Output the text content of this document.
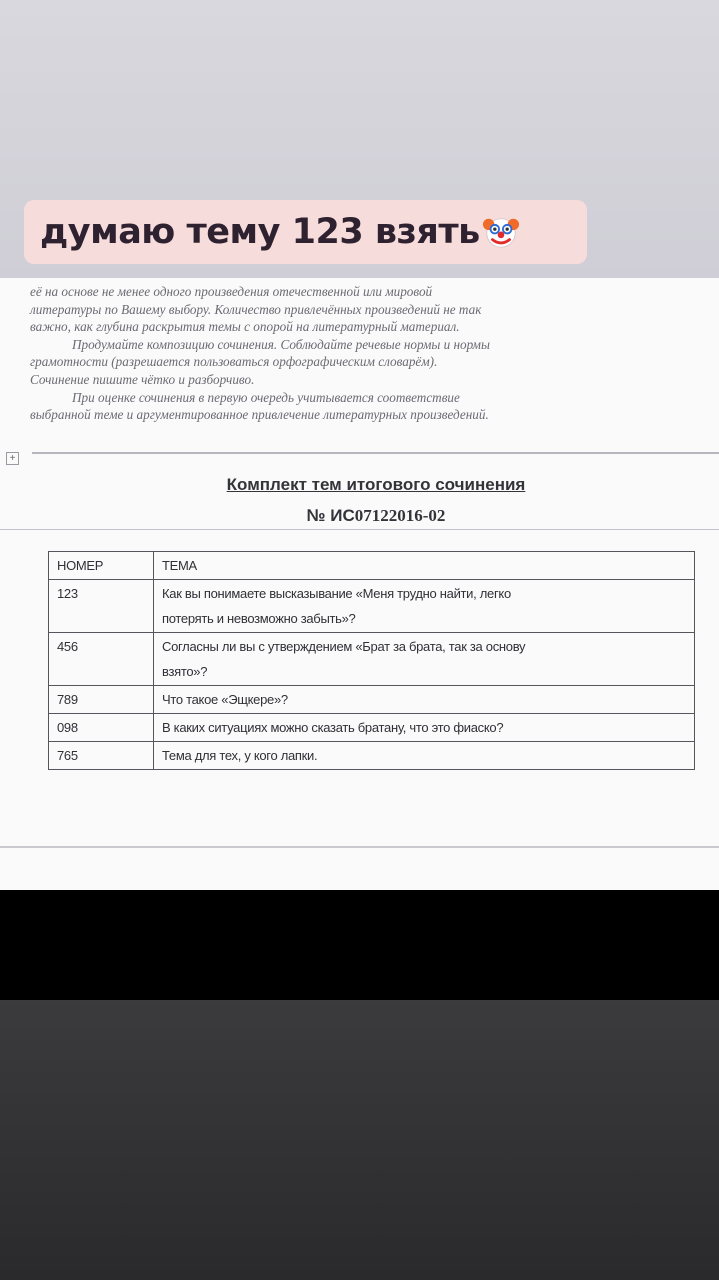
думаю тему 123 взять

её на основе не менее одного произведения отечественной или мировой

литературы по Вашему выбору. Количество привлечённых произведений не так

важно, как глубина раскрытия темы с опорой на литературный материал.

Продумайте композицию сочинения. Соблюдайте речевые нормы и нормы

грамотности (разрешается пользоваться орфографическим словарём).

Сочинение пишите чётко и разборчиво.

При оценке сочинения в первую очередь учитывается соответствие

выбранной теме и аргументированное привлечение литературных произведений.

+
Комплект тем итогового сочинения
№ ИС07122016-02
НОМЕР	ТЕМА
123	Как вы понимаете высказывание «Меня трудно найти, легко
потерять и невозможно забыть»?

456	Согласны ли вы с утверждением «Брат за брата, так за основу
взято»?

789	Что такое «Эщкере»?
098	В каких ситуациях можно сказать братану, что это фиаско?
765	Тема для тех, у кого лапки.
